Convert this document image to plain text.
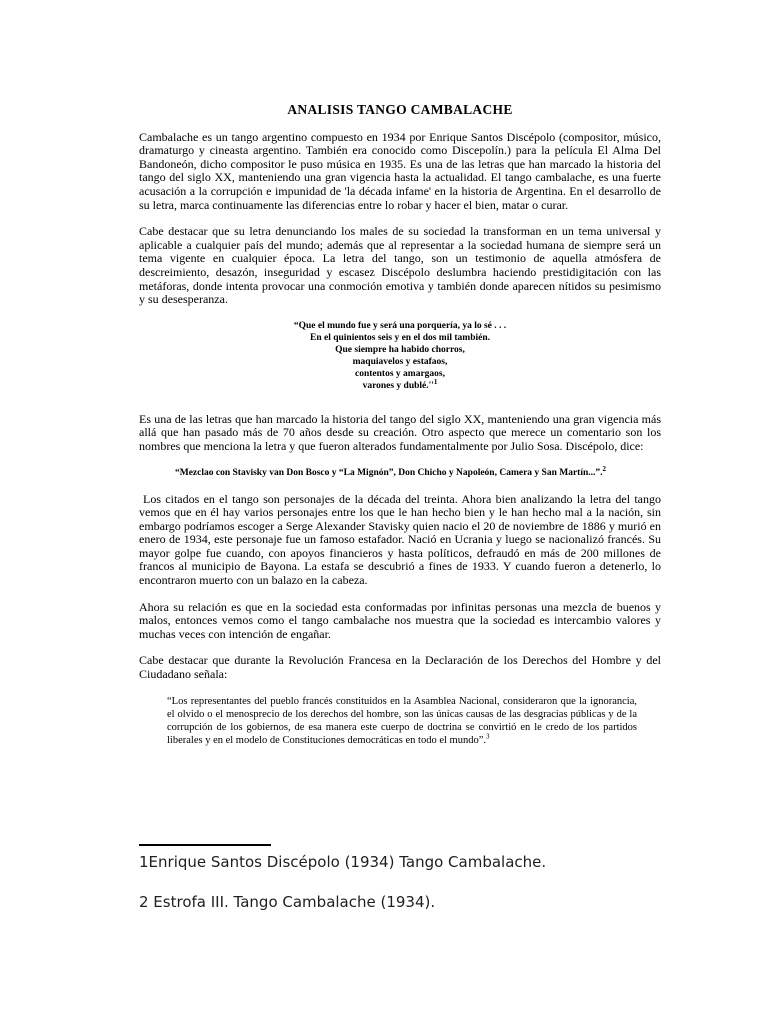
ANALISIS TANGO CAMBALACHE

Cambalache es un tango argentino compuesto en 1934 por Enrique Santos Discépolo (compositor, músico, dramaturgo y cineasta argentino. También era conocido como Discepolín.) para la película El Alma Del Bandoneón, dicho compositor le puso música en 1935. Es una de las letras que han marcado la historia del tango del siglo XX, manteniendo una gran vigencia hasta la actualidad. El tango cambalache, es una fuerte acusación a la corrupción e impunidad de 'la década infame' en la historia de Argentina. En el desarrollo de su letra, marca continuamente las diferencias entre lo robar y hacer el bien, matar o curar.

Cabe destacar que su letra denunciando los males de su sociedad la transforman en un tema universal y aplicable a cualquier país del mundo; además que al representar a la sociedad humana de siempre será un tema vigente en cualquier época. La letra del tango, son un testimonio de aquella atmósfera de descreimiento, desazón, inseguridad y escasez Discépolo deslumbra haciendo prestidigitación con las metáforas, donde intenta provocar una conmoción emotiva y también donde aparecen nítidos su pesimismo y su desesperanza.

“Que el mundo fue y será una porquería, ya lo sé . . .
En el quinientos seis y en el dos mil también.
Que siempre ha habido chorros,
maquiavelos y estafaos,
contentos y amargaos,
varones y dublé.''$^1$

Es una de las letras que han marcado la historia del tango del siglo XX, manteniendo una gran vigencia más allá que han pasado más de 70 años desde su creación. Otro aspecto que merece un comentario son los nombres que menciona la letra y que fueron alterados fundamentalmente por Julio Sosa. Discépolo, dice:

“Mezclao con Stavisky van Don Bosco y “La Mignón”, Don Chicho y Napoleón, Camera y San Martín...”.$^2$

Los citados en el tango son personajes de la década del treinta. Ahora bien analizando la letra del tango vemos que en él hay varios personajes entre los que le han hecho bien y le han hecho mal a la nación, sin embargo podríamos escoger a Serge Alexander Stavisky quien nacio el 20 de noviembre de 1886 y murió en enero de 1934, este personaje fue un famoso estafador. Nació en Ucrania y luego se nacionalizó francés. Su mayor golpe fue cuando, con apoyos financieros y hasta políticos, defraudó en más de 200 millones de francos al municipio de Bayona. La estafa se descubrió a fines de 1933. Y cuando fueron a detenerlo, lo encontraron muerto con un balazo en la cabeza.

Ahora su relación es que en la sociedad esta conformadas por infinitas personas una mezcla de buenos y malos, entonces vemos como el tango cambalache nos muestra que la sociedad es intercambio valores y muchas veces con intención de engañar.

Cabe destacar que durante la Revolución Francesa en la Declaración de los Derechos del Hombre y del Ciudadano señala:

“Los representantes del pueblo francés constituidos en la Asamblea Nacional, consideraron que la ignorancia, el olvido o el menosprecio de los derechos del hombre, son las únicas causas de las desgracias públicas y de la corrupción de los gobiernos, de esa manera este cuerpo de doctrina se convirtió en le credo de los partidos liberales y en el modelo de Constituciones democráticas en todo el mundo”.$^3$

1Enrique Santos Discépolo (1934) Tango Cambalache.

2 Estrofa III. Tango Cambalache (1934).
